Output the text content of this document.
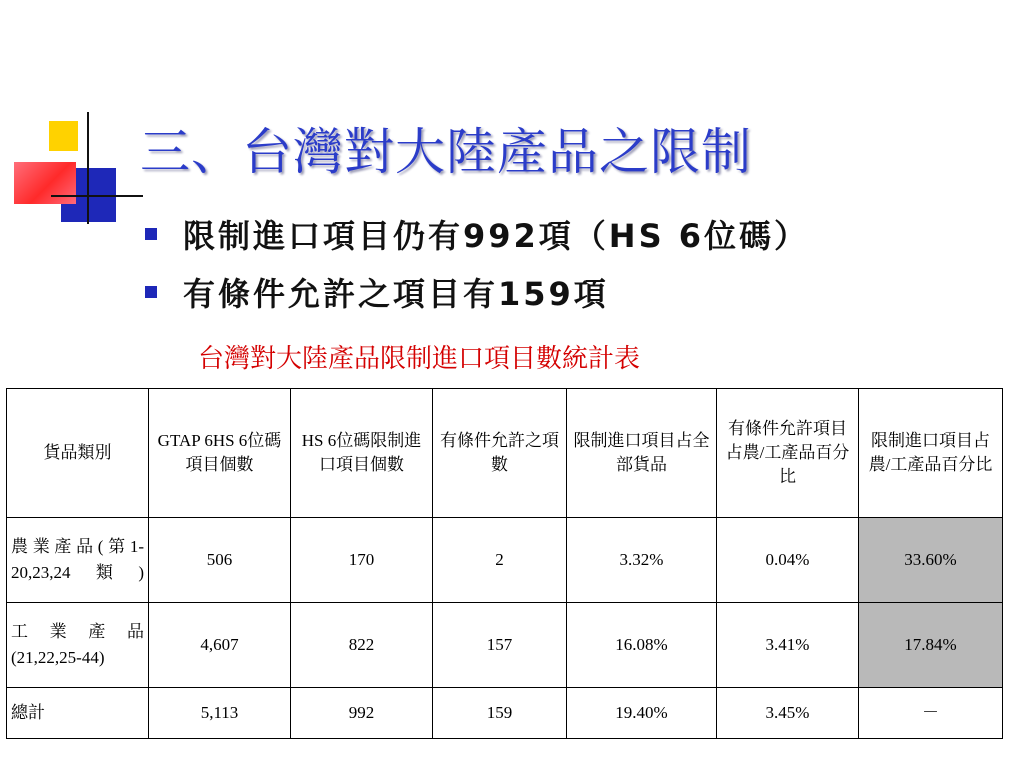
三、台灣對大陸產品之限制
限制進口項目仍有992項（HS 6位碼）
有條件允許之項目有159項
台灣對大陸產品限制進口項目數統計表
貨品類別	GTAP 6HS 6位碼項目個數	HS 6位碼限制進口項目個數	有條件允許之項數	限制進口項目占全部貨品	有條件允許項目占農/工產品百分比	限制進口項目占農/工產品百分比
農業產品(第1-20,23,24類)	506	170	2	3.32%	0.04%	33.60%
工業產品(21,22,25-44)	4,607	822	157	16.08%	3.41%	17.84%
總計	5,113	992	159	19.40%	3.45%	－
